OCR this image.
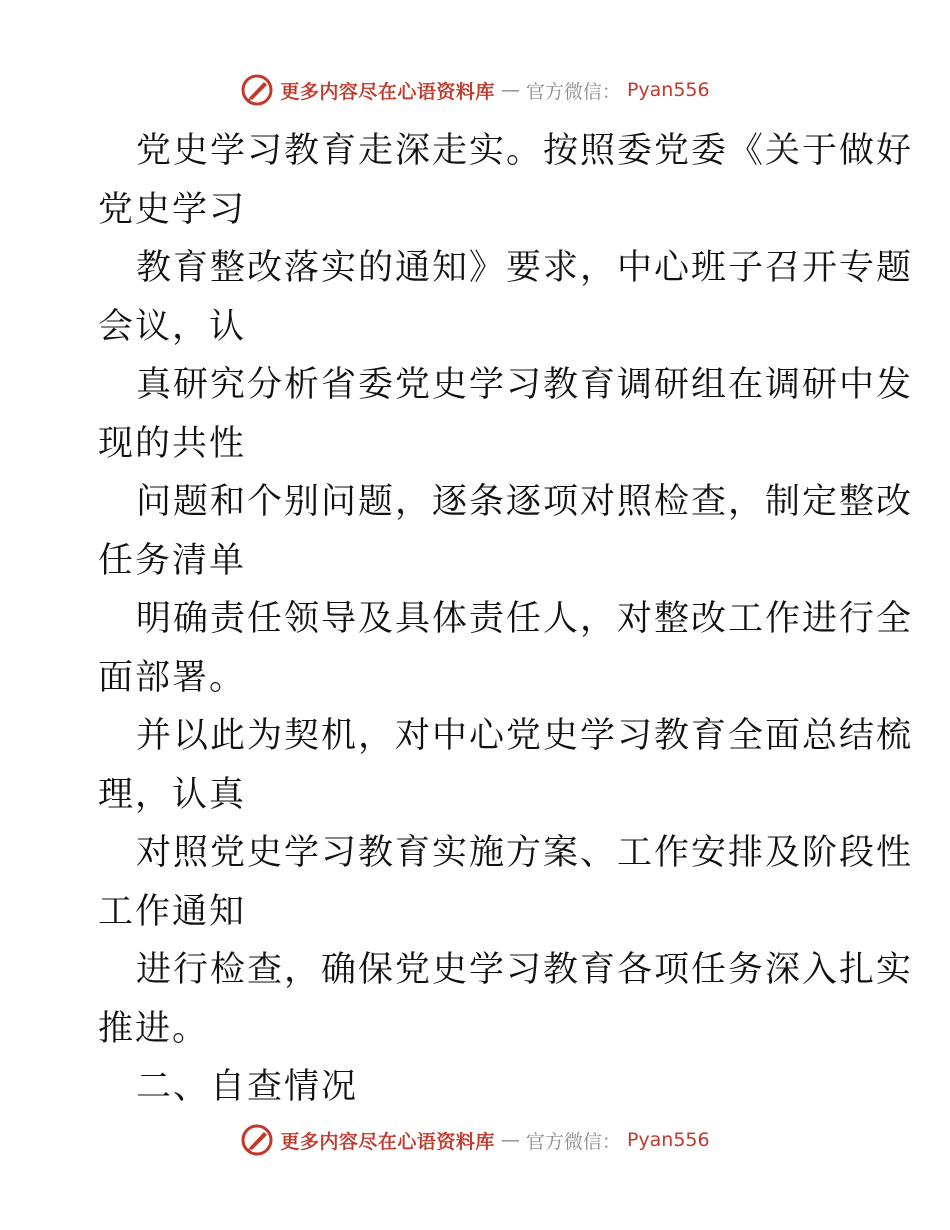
更多内容尽在心语资料库 — 官方微信： Pyan556
党史学习教育走深走实。按照委党委《关于做好
党史学习
教育整改落实的通知》要求，中心班子召开专题
会议，认
真研究分析省委党史学习教育调研组在调研中发
现的共性
问题和个别问题，逐条逐项对照检查，制定整改
任务清单
明确责任领导及具体责任人，对整改工作进行全
面部署。
并以此为契机，对中心党史学习教育全面总结梳
理，认真
对照党史学习教育实施方案、工作安排及阶段性
工作通知
进行检查，确保党史学习教育各项任务深入扎实
推进。
二、自查情况
更多内容尽在心语资料库 — 官方微信： Pyan556
